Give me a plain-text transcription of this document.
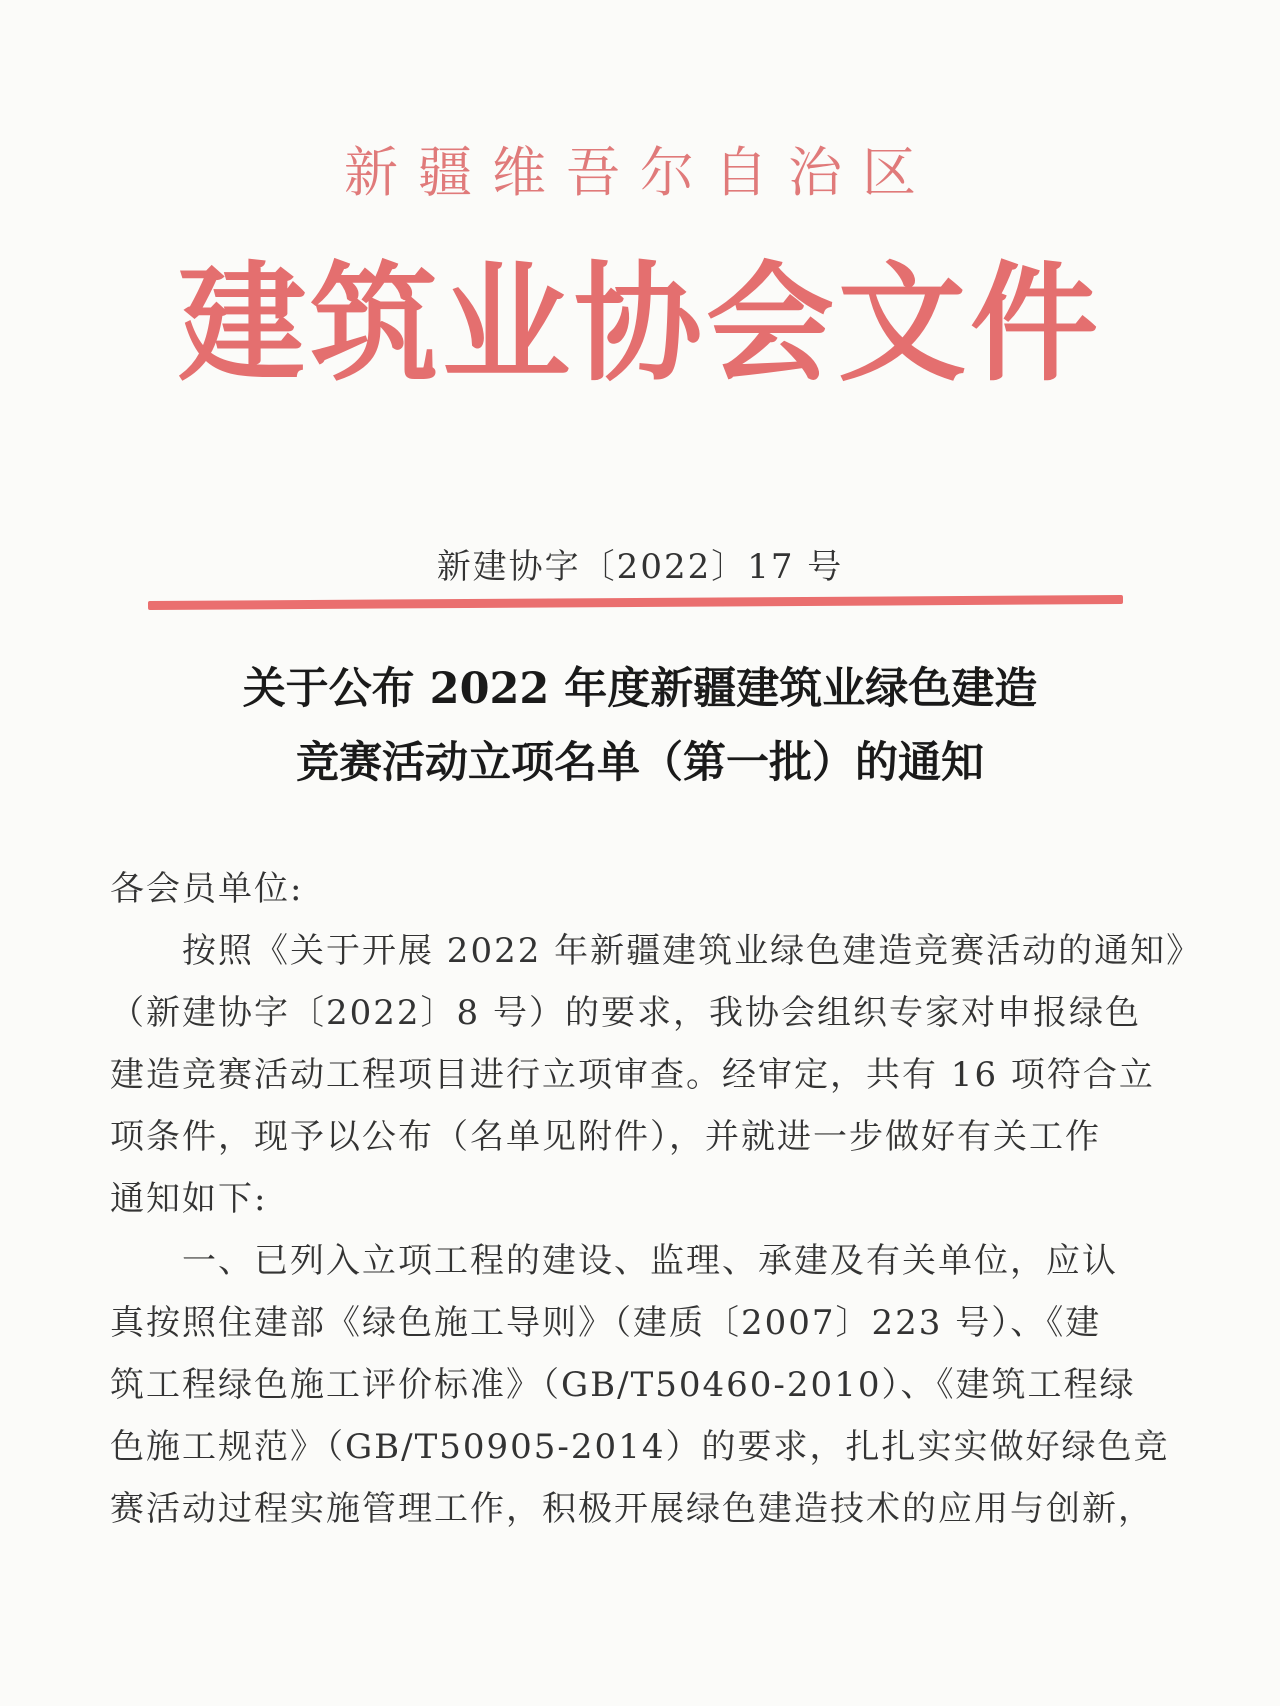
新疆维吾尔自治区
建筑业协会文件
新建协字〔2022〕17 号
关于公布 2022 年度新疆建筑业绿色建造
竞赛活动立项名单（第一批）的通知

各会员单位:

按照《关于开展 2022 年新疆建筑业绿色建造竞赛活动的通知》

（新建协字〔2022〕8 号）的要求，我协会组织专家对申报绿色

建造竞赛活动工程项目进行立项审查。经审定，共有 16 项符合立

项条件，现予以公布（名单见附件），并就进一步做好有关工作

通知如下:

一、已列入立项工程的建设、监理、承建及有关单位，应认

真按照住建部《绿色施工导则》（建质〔2007〕223 号）、《建

筑工程绿色施工评价标准》（GB/T50460-2010）、《建筑工程绿

色施工规范》（GB/T50905-2014）的要求，扎扎实实做好绿色竞

赛活动过程实施管理工作，积极开展绿色建造技术的应用与创新，
